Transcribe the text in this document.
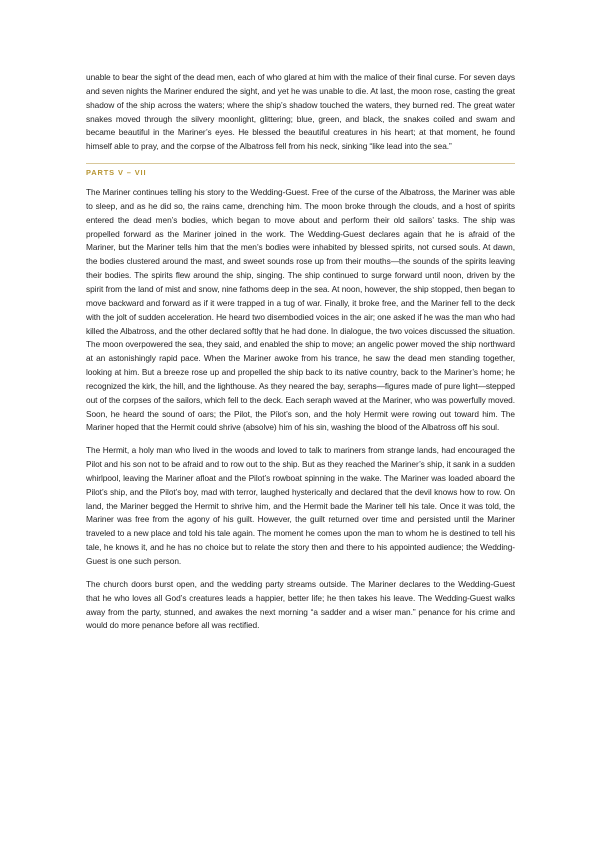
unable to bear the sight of the dead men, each of who glared at him with the malice of their final curse. For seven days and seven nights the Mariner endured the sight, and yet he was unable to die. At last, the moon rose, casting the great shadow of the ship across the waters; where the ship’s shadow touched the waters, they burned red. The great water snakes moved through the silvery moonlight, glittering; blue, green, and black, the snakes coiled and swam and became beautiful in the Mariner’s eyes. He blessed the beautiful creatures in his heart; at that moment, he found himself able to pray, and the corpse of the Albatross fell from his neck, sinking “like lead into the sea.”

PARTS V – VII

The Mariner continues telling his story to the Wedding-Guest. Free of the curse of the Albatross, the Mariner was able to sleep, and as he did so, the rains came, drenching him. The moon broke through the clouds, and a host of spirits entered the dead men’s bodies, which began to move about and perform their old sailors’ tasks. The ship was propelled forward as the Mariner joined in the work. The Wedding-Guest declares again that he is afraid of the Mariner, but the Mariner tells him that the men’s bodies were inhabited by blessed spirits, not cursed souls. At dawn, the bodies clustered around the mast, and sweet sounds rose up from their mouths—the sounds of the spirits leaving their bodies. The spirits flew around the ship, singing. The ship continued to surge forward until noon, driven by the spirit from the land of mist and snow, nine fathoms deep in the sea. At noon, however, the ship stopped, then began to move backward and forward as if it were trapped in a tug of war. Finally, it broke free, and the Mariner fell to the deck with the jolt of sudden acceleration. He heard two disembodied voices in the air; one asked if he was the man who had killed the Albatross, and the other declared softly that he had done. In dialogue, the two voices discussed the situation. The moon overpowered the sea, they said, and enabled the ship to move; an angelic power moved the ship northward at an astonishingly rapid pace. When the Mariner awoke from his trance, he saw the dead men standing together, looking at him. But a breeze rose up and propelled the ship back to its native country, back to the Mariner’s home; he recognized the kirk, the hill, and the lighthouse. As they neared the bay, seraphs—figures made of pure light—stepped out of the corpses of the sailors, which fell to the deck. Each seraph waved at the Mariner, who was powerfully moved. Soon, he heard the sound of oars; the Pilot, the Pilot’s son, and the holy Hermit were rowing out toward him. The Mariner hoped that the Hermit could shrive (absolve) him of his sin, washing the blood of the Albatross off his soul.

The Hermit, a holy man who lived in the woods and loved to talk to mariners from strange lands, had encouraged the Pilot and his son not to be afraid and to row out to the ship. But as they reached the Mariner’s ship, it sank in a sudden whirlpool, leaving the Mariner afloat and the Pilot’s rowboat spinning in the wake. The Mariner was loaded aboard the Pilot’s ship, and the Pilot’s boy, mad with terror, laughed hysterically and declared that the devil knows how to row. On land, the Mariner begged the Hermit to shrive him, and the Hermit bade the Mariner tell his tale. Once it was told, the Mariner was free from the agony of his guilt. However, the guilt returned over time and persisted until the Mariner traveled to a new place and told his tale again. The moment he comes upon the man to whom he is destined to tell his tale, he knows it, and he has no choice but to relate the story then and there to his appointed audience; the Wedding-Guest is one such person.

The church doors burst open, and the wedding party streams outside. The Mariner declares to the Wedding-Guest that he who loves all God’s creatures leads a happier, better life; he then takes his leave. The Wedding-Guest walks away from the party, stunned, and awakes the next morning “a sadder and a wiser man.” penance for his crime and would do more penance before all was rectified.
